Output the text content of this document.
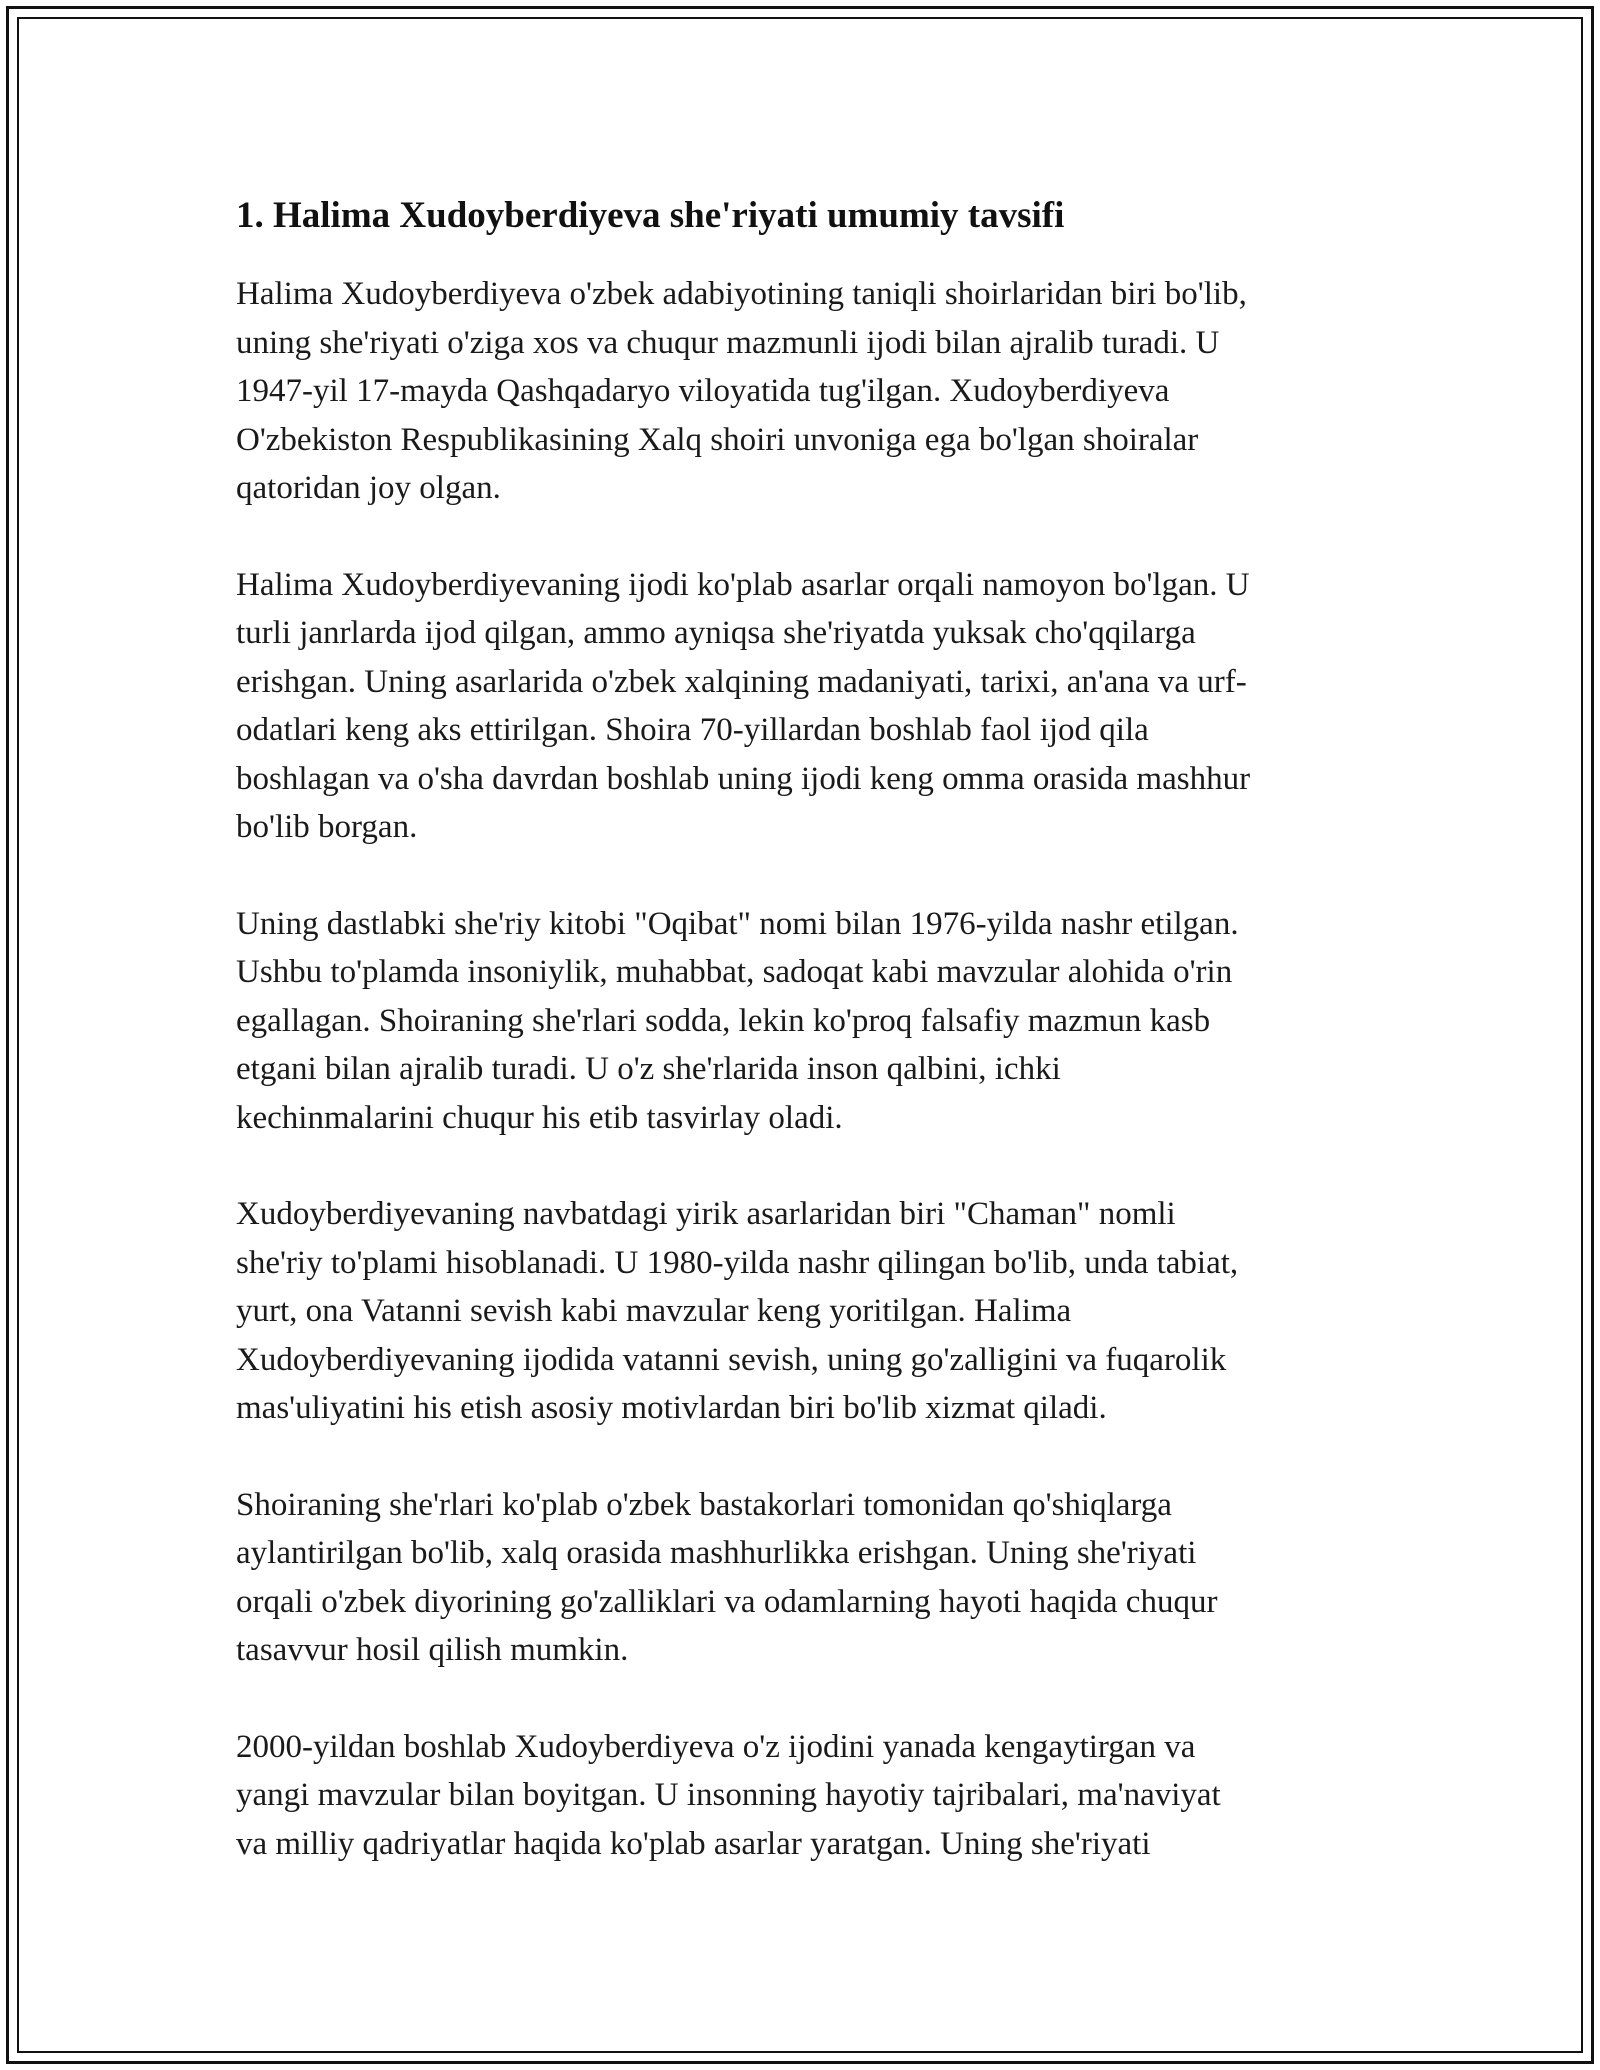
1. Halima Xudoyberdiyeva she'riyati umumiy tavsifi

Halima Xudoyberdiyeva o'zbek adabiyotining taniqli shoirlaridan biri bo'lib,
uning she'riyati o'ziga xos va chuqur mazmunli ijodi bilan ajralib turadi. U
1947-yil 17-mayda Qashqadaryo viloyatida tug'ilgan. Xudoyberdiyeva
O'zbekiston Respublikasining Xalq shoiri unvoniga ega bo'lgan shoiralar
qatoridan joy olgan.

Halima Xudoyberdiyevaning ijodi ko'plab asarlar orqali namoyon bo'lgan. U
turli janrlarda ijod qilgan, ammo ayniqsa she'riyatda yuksak cho'qqilarga
erishgan. Uning asarlarida o'zbek xalqining madaniyati, tarixi, an'ana va urf-
odatlari keng aks ettirilgan. Shoira 70-yillardan boshlab faol ijod qila
boshlagan va o'sha davrdan boshlab uning ijodi keng omma orasida mashhur
bo'lib borgan.

Uning dastlabki she'riy kitobi "Oqibat" nomi bilan 1976-yilda nashr etilgan.
Ushbu to'plamda insoniylik, muhabbat, sadoqat kabi mavzular alohida o'rin
egallagan. Shoiraning she'rlari sodda, lekin ko'proq falsafiy mazmun kasb
etgani bilan ajralib turadi. U o'z she'rlarida inson qalbini, ichki
kechinmalarini chuqur his etib tasvirlay oladi.

Xudoyberdiyevaning navbatdagi yirik asarlaridan biri "Chaman" nomli
she'riy to'plami hisoblanadi. U 1980-yilda nashr qilingan bo'lib, unda tabiat,
yurt, ona Vatanni sevish kabi mavzular keng yoritilgan. Halima
Xudoyberdiyevaning ijodida vatanni sevish, uning go'zalligini va fuqarolik
mas'uliyatini his etish asosiy motivlardan biri bo'lib xizmat qiladi.

Shoiraning she'rlari ko'plab o'zbek bastakorlari tomonidan qo'shiqlarga
aylantirilgan bo'lib, xalq orasida mashhurlikka erishgan. Uning she'riyati
orqali o'zbek diyorining go'zalliklari va odamlarning hayoti haqida chuqur
tasavvur hosil qilish mumkin.

2000-yildan boshlab Xudoyberdiyeva o'z ijodini yanada kengaytirgan va
yangi mavzular bilan boyitgan. U insonning hayotiy tajribalari, ma'naviyat
va milliy qadriyatlar haqida ko'plab asarlar yaratgan. Uning she'riyati
